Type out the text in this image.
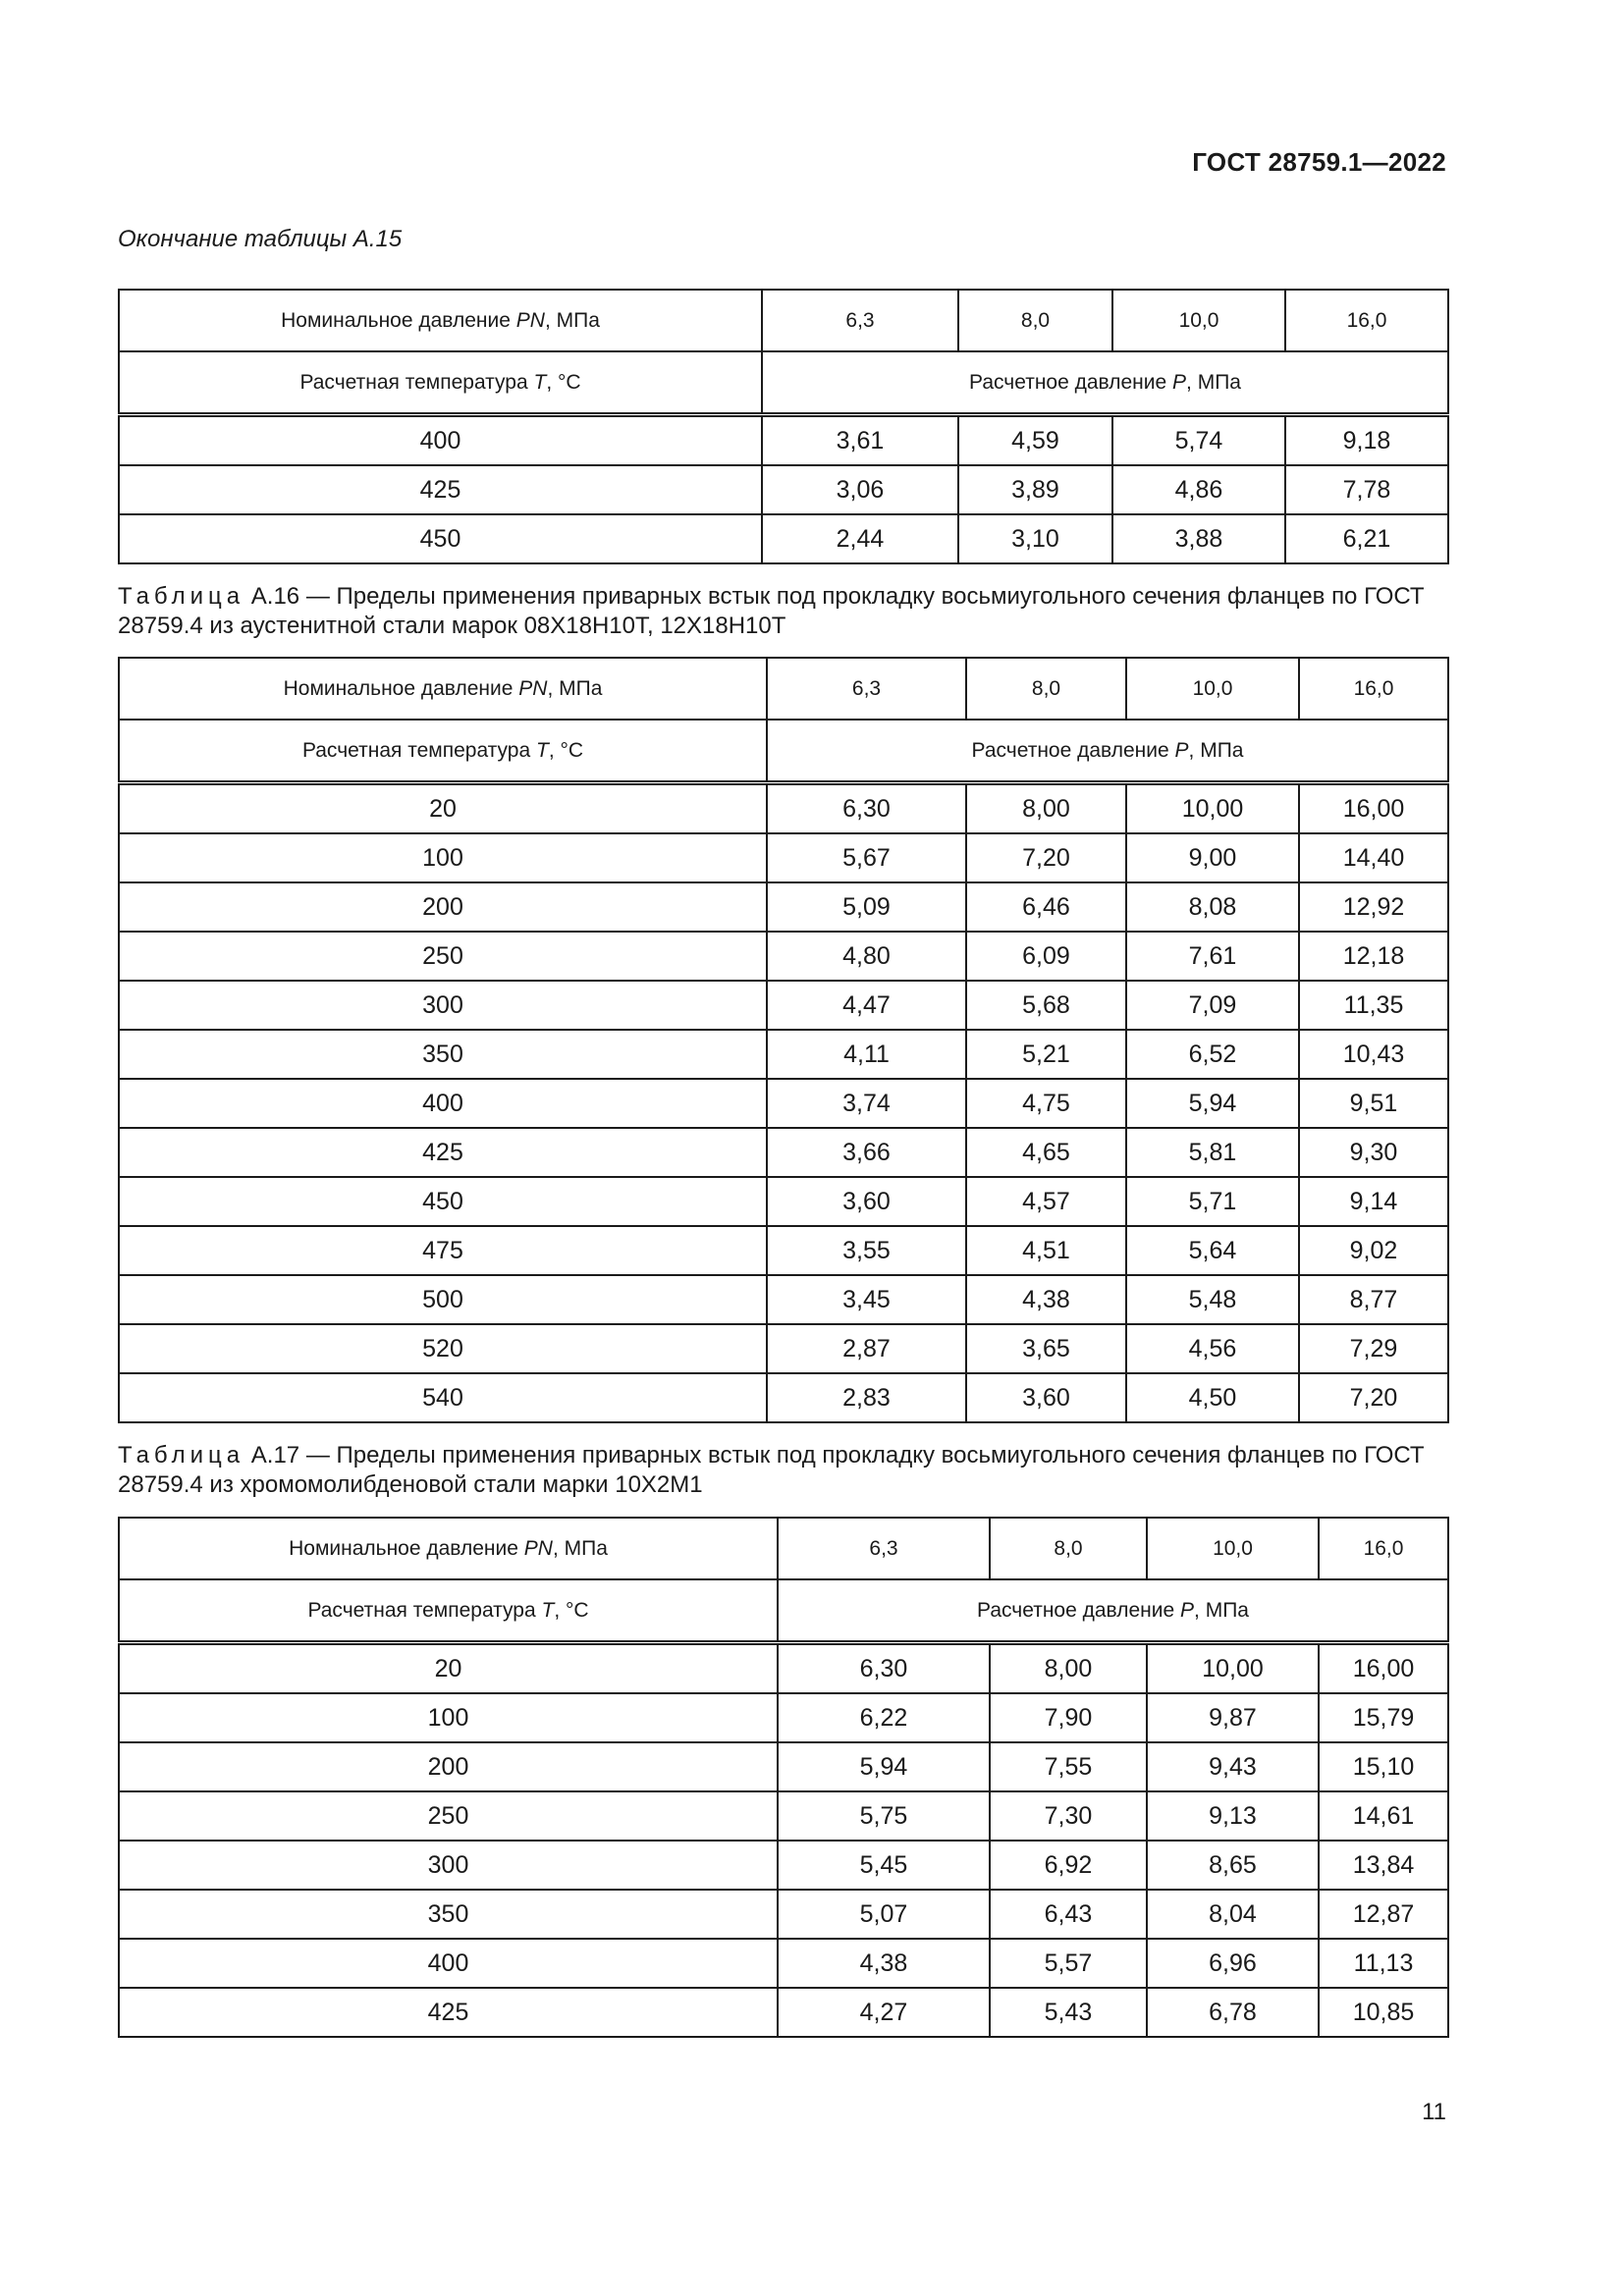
ГОСТ 28759.1—2022
Окончание таблицы А.15
Номинальное давление PN, МПа	6,3	8,0	10,0	16,0
Расчетная температура T, °С	Расчетное давление P, МПа			
400	3,61	4,59	5,74	9,18
425	3,06	3,89	4,86	7,78
450	2,44	3,10	3,88	6,21
Таблица А.16 — Пределы применения приварных встык под прокладку восьмиугольного сечения фланцев по ГОСТ 28759.4 из аустенитной стали марок 08Х18Н10Т, 12Х18Н10Т
Номинальное давление PN, МПа	6,3	8,0	10,0	16,0
Расчетная температура T, °С	Расчетное давление P, МПа			
20	6,30	8,00	10,00	16,00
100	5,67	7,20	9,00	14,40
200	5,09	6,46	8,08	12,92
250	4,80	6,09	7,61	12,18
300	4,47	5,68	7,09	11,35
350	4,11	5,21	6,52	10,43
400	3,74	4,75	5,94	9,51
425	3,66	4,65	5,81	9,30
450	3,60	4,57	5,71	9,14
475	3,55	4,51	5,64	9,02
500	3,45	4,38	5,48	8,77
520	2,87	3,65	4,56	7,29
540	2,83	3,60	4,50	7,20
Таблица А.17 — Пределы применения приварных встык под прокладку восьмиугольного сечения фланцев по ГОСТ 28759.4 из хромомолибденовой стали марки 10Х2М1
Номинальное давление PN, МПа	6,3	8,0	10,0	16,0
Расчетная температура T, °С	Расчетное давление P, МПа			
20	6,30	8,00	10,00	16,00
100	6,22	7,90	9,87	15,79
200	5,94	7,55	9,43	15,10
250	5,75	7,30	9,13	14,61
300	5,45	6,92	8,65	13,84
350	5,07	6,43	8,04	12,87
400	4,38	5,57	6,96	11,13
425	4,27	5,43	6,78	10,85
11
